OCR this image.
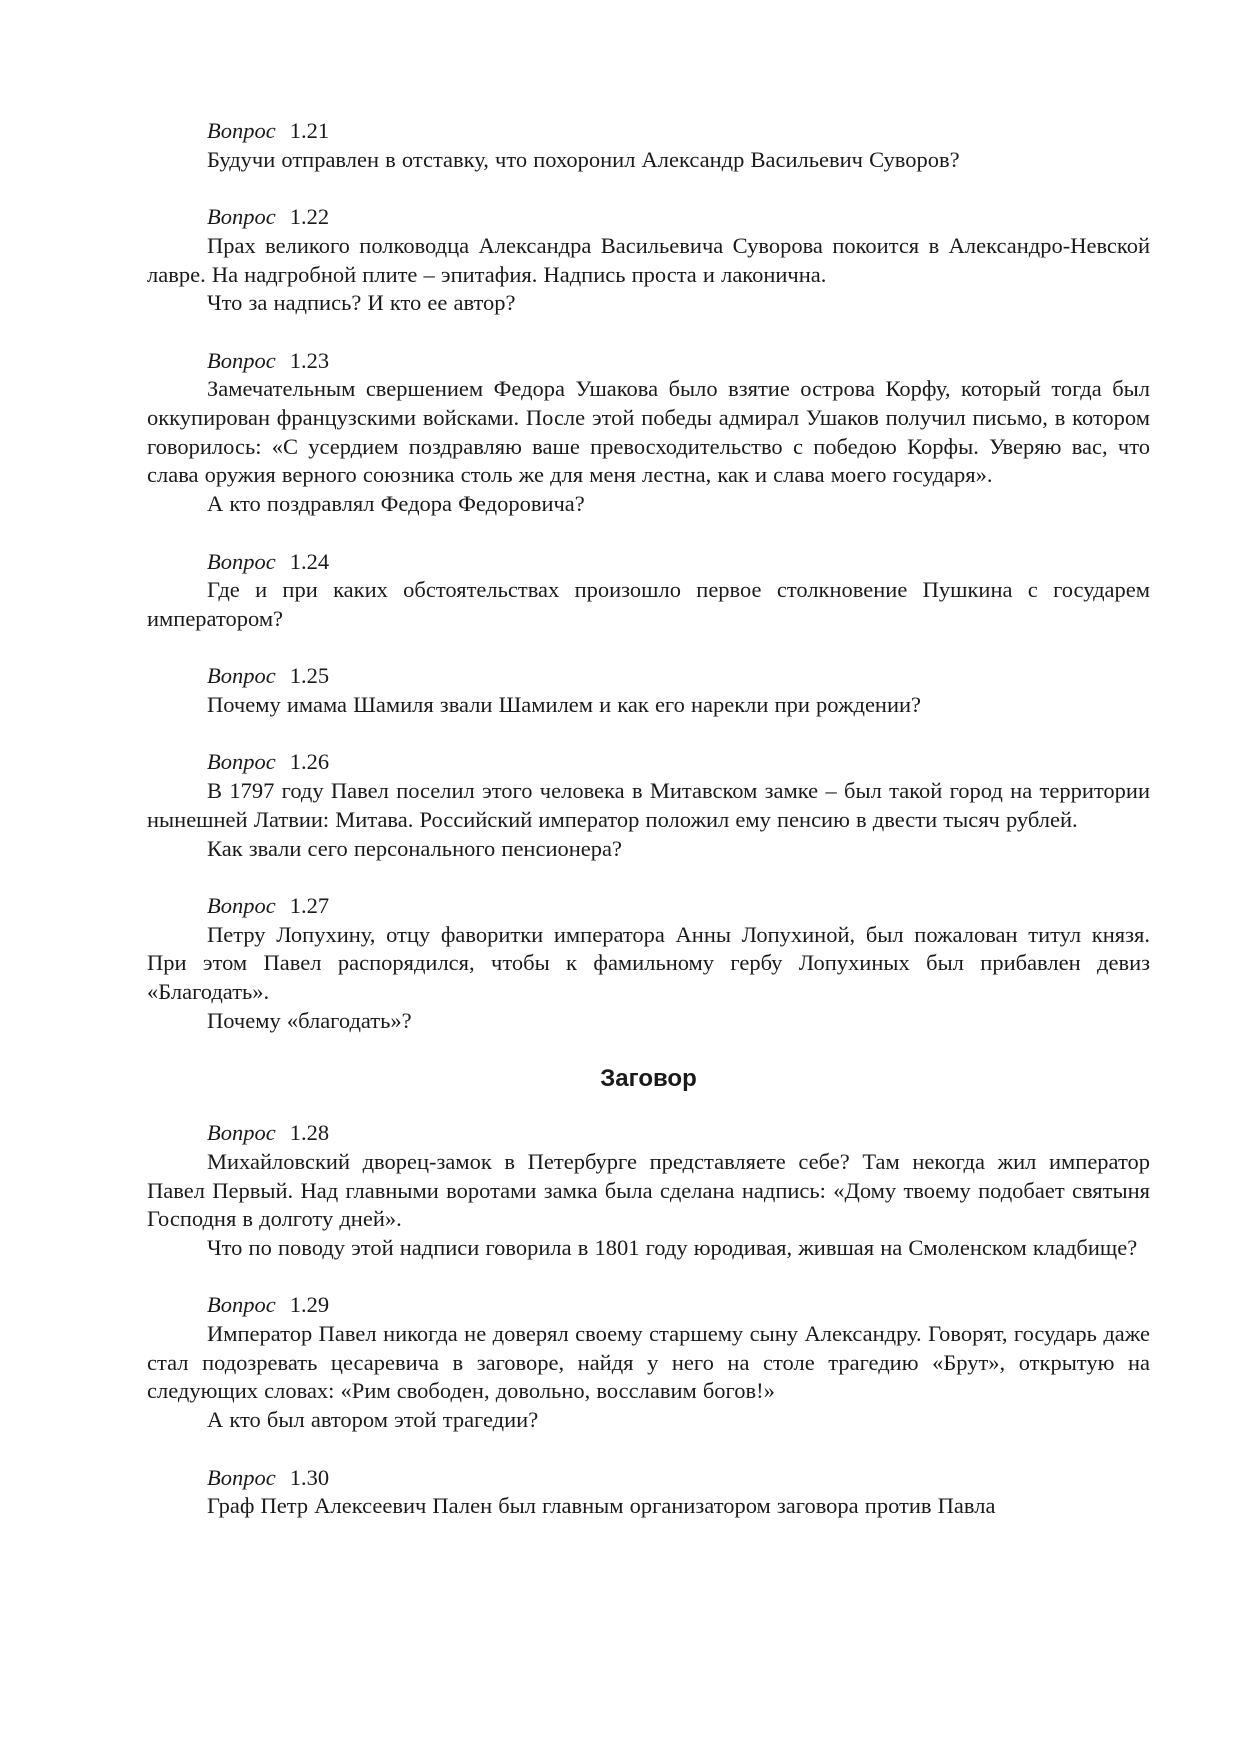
Вопрос 1.21

Будучи отправлен в отставку, что похоронил Александр Васильевич Суворов?

Вопрос 1.22

Прах великого полководца Александра Васильевича Суворова покоится в Александро-Невской лавре. На надгробной плите – эпитафия. Надпись проста и лаконична.

Что за надпись? И кто ее автор?

Вопрос 1.23

Замечательным свершением Федора Ушакова было взятие острова Корфу, который тогда был оккупирован французскими войсками. После этой победы адмирал Ушаков получил письмо, в котором говорилось: «С усердием поздравляю ваше превосходительство с победою Корфы. Уверяю вас, что слава оружия верного союзника столь же для меня лестна, как и слава моего государя».

А кто поздравлял Федора Федоровича?

Вопрос 1.24

Где и при каких обстоятельствах произошло первое столкновение Пушкина с государем императором?

Вопрос 1.25

Почему имама Шамиля звали Шамилем и как его нарекли при рождении?

Вопрос 1.26

В 1797 году Павел поселил этого человека в Митавском замке – был такой город на территории нынешней Латвии: Митава. Российский император положил ему пенсию в двести тысяч рублей.

Как звали сего персонального пенсионера?

Вопрос 1.27

Петру Лопухину, отцу фаворитки императора Анны Лопухиной, был пожалован титул князя. При этом Павел распорядился, чтобы к фамильному гербу Лопухиных был прибавлен девиз «Благодать».

Почему «благодать»?

Заговор
Вопрос 1.28

Михайловский дворец-замок в Петербурге представляете себе? Там некогда жил император Павел Первый. Над главными воротами замка была сделана надпись: «Дому твоему подобает святыня Господня в долготу дней».

Что по поводу этой надписи говорила в 1801 году юродивая, жившая на Смоленском кладбище?

Вопрос 1.29

Император Павел никогда не доверял своему старшему сыну Александру. Говорят, государь даже стал подозревать цесаревича в заговоре, найдя у него на столе трагедию «Брут», открытую на следующих словах: «Рим свободен, довольно, восславим богов!»

А кто был автором этой трагедии?

Вопрос 1.30

Граф Петр Алексеевич Пален был главным организатором заговора против Павла
